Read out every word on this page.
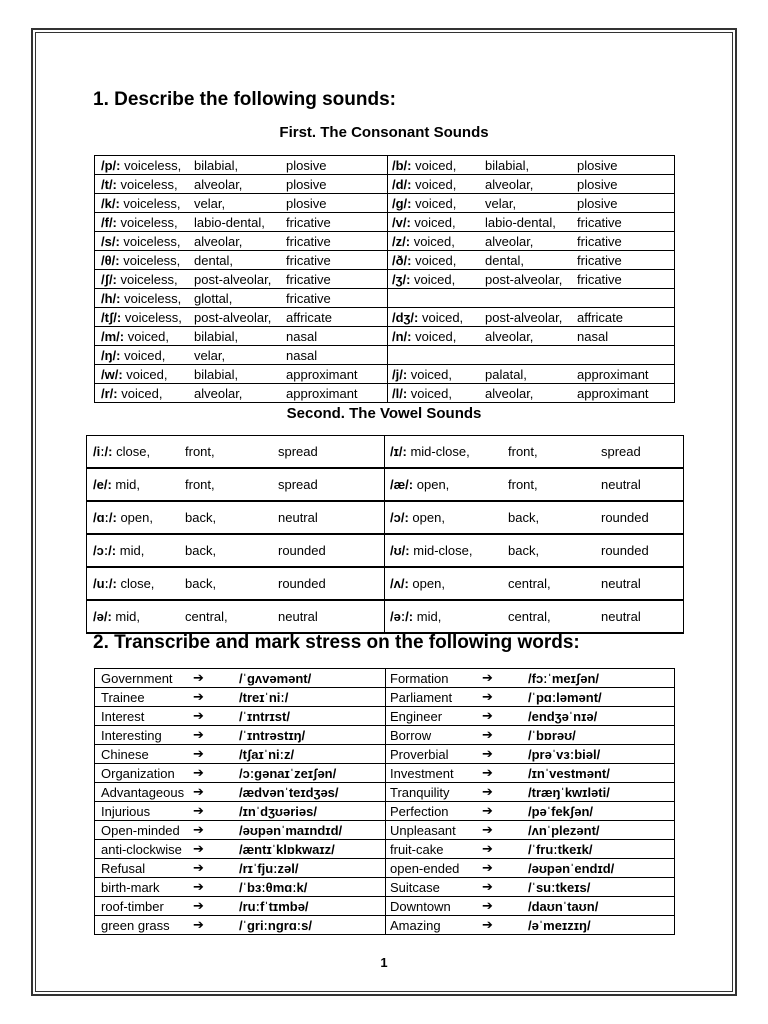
1. Describe the following sounds:
First. The Consonant Sounds
/p/: voiceless, bilabial, plosive	/b/: voiced, bilabial, plosive

/t/: voiceless, alveolar, plosive	/d/: voiced, alveolar, plosive

/k/: voiceless, velar, plosive	/g/: voiced, velar, plosive

/f/: voiceless, labio-dental, fricative	/v/: voiced, labio-dental, fricative

/s/: voiceless, alveolar, fricative	/z/: voiced, alveolar, fricative

/θ/: voiceless, dental, fricative	/ð/: voiced, dental, fricative

/ʃ/: voiceless, post-alveolar, fricative	/ʒ/: voiced, post-alveolar, fricative

/h/: voiceless, glottal, fricative	

/tʃ/: voiceless, post-alveolar, affricate	/dʒ/: voiced, post-alveolar, affricate

/m/: voiced, bilabial, nasal	/n/: voiced, alveolar, nasal

/ŋ/: voiced, velar, nasal	

/w/: voiced, bilabial, approximant	/j/: voiced, palatal, approximant

/r/: voiced, alveolar, approximant	/l/: voiced, alveolar, approximant
Second. The Vowel Sounds
/iː/: close, front, spread	/ɪ/: mid-close, front, spread

/e/: mid, front, spread	/æ/: open, front, neutral

/ɑː/: open, back, neutral	/ɔ/: open, back, rounded

/ɔː/: mid, back, rounded	/ʊ/: mid-close, back, rounded

/uː/: close, back, rounded	/ʌ/: open, central, neutral

/ə/: mid, central, neutral	/əː/: mid, central, neutral
2. Transcribe and mark stress on the following words:
Government ➔ /ˈɡʌvəmənt/	Formation ➔ /fɔːˈmeɪʃən/

Trainee ➔ /treɪˈniː/	Parliament ➔ /ˈpɑːləmənt/

Interest ➔ /ˈɪntrɪst/	Engineer ➔ /endʒəˈnɪə/

Interesting ➔ /ˈɪntrəstɪŋ/	Borrow ➔ /ˈbɒrəʊ/

Chinese ➔ /tʃaɪˈniːz/	Proverbial ➔ /prəˈvɜːbiəl/

Organization ➔ /ɔːɡənaɪˈzeɪʃən/	Investment ➔ /ɪnˈvestmənt/

Advantageous ➔ /ædvənˈteɪdʒəs/	Tranquility ➔ /træŋˈkwɪləti/

Injurious ➔ /ɪnˈdʒʊəriəs/	Perfection ➔ /pəˈfekʃən/

Open-minded ➔ /əʊpənˈmaɪndɪd/	Unpleasant ➔ /ʌnˈplezənt/

anti-clockwise ➔ /æntɪˈklɒkwaɪz/	fruit-cake ➔ /ˈfruːtkeɪk/

Refusal ➔ /rɪˈfjuːzəl/	open-ended ➔ /əʊpənˈendɪd/

birth-mark ➔ /ˈbɜːθmɑːk/	Suitcase ➔ /ˈsuːtkeɪs/

roof-timber ➔ /ruːfˈtɪmbə/	Downtown ➔ /daʊnˈtaʊn/

green grass ➔ /ˈɡriːnɡrɑːs/	Amazing ➔ /əˈmeɪzɪŋ/
1
